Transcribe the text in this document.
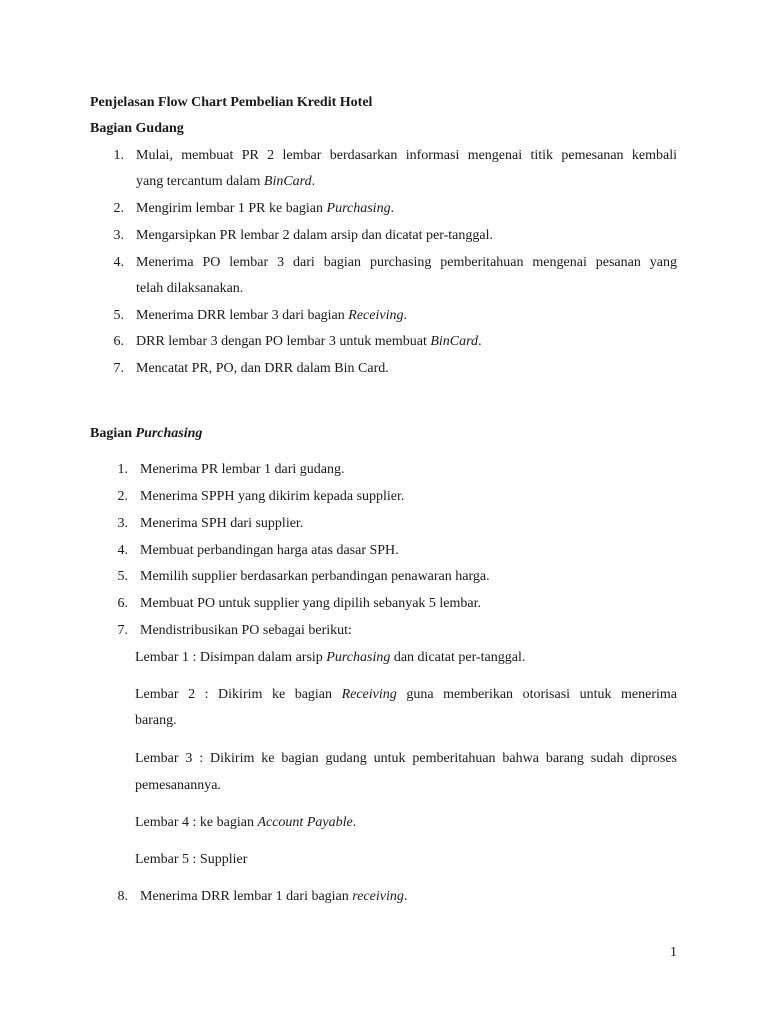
Penjelasan Flow Chart Pembelian Kredit Hotel
Bagian Gudang
1. Mulai, membuat PR 2 lembar berdasarkan informasi mengenai titik pemesanan kembali
yang tercantum dalam BinCard.
2. Mengirim lembar 1 PR ke bagian Purchasing.
3. Mengarsipkan PR lembar 2 dalam arsip dan dicatat per-tanggal.
4. Menerima PO lembar 3 dari bagian purchasing pemberitahuan mengenai pesanan yang
telah dilaksanakan.
5. Menerima DRR lembar 3 dari bagian Receiving.
6. DRR lembar 3 dengan PO lembar 3 untuk membuat BinCard.
7. Mencatat PR, PO, dan DRR dalam Bin Card.
Bagian Purchasing
1. Menerima PR lembar 1 dari gudang.
2. Menerima SPPH yang dikirim kepada supplier.
3. Menerima SPH dari supplier.
4. Membuat perbandingan harga atas dasar SPH.
5. Memilih supplier berdasarkan perbandingan penawaran harga.
6. Membuat PO untuk supplier yang dipilih sebanyak 5 lembar.
7. Mendistribusikan PO sebagai berikut:
Lembar 1 : Disimpan dalam arsip Purchasing dan dicatat per-tanggal.
Lembar 2 : Dikirim ke bagian Receiving guna memberikan otorisasi untuk menerima
barang.
Lembar 3 : Dikirim ke bagian gudang untuk pemberitahuan bahwa barang sudah diproses
pemesanannya.
Lembar 4 : ke bagian Account Payable.
Lembar 5 : Supplier
8. Menerima DRR lembar 1 dari bagian receiving.
1
